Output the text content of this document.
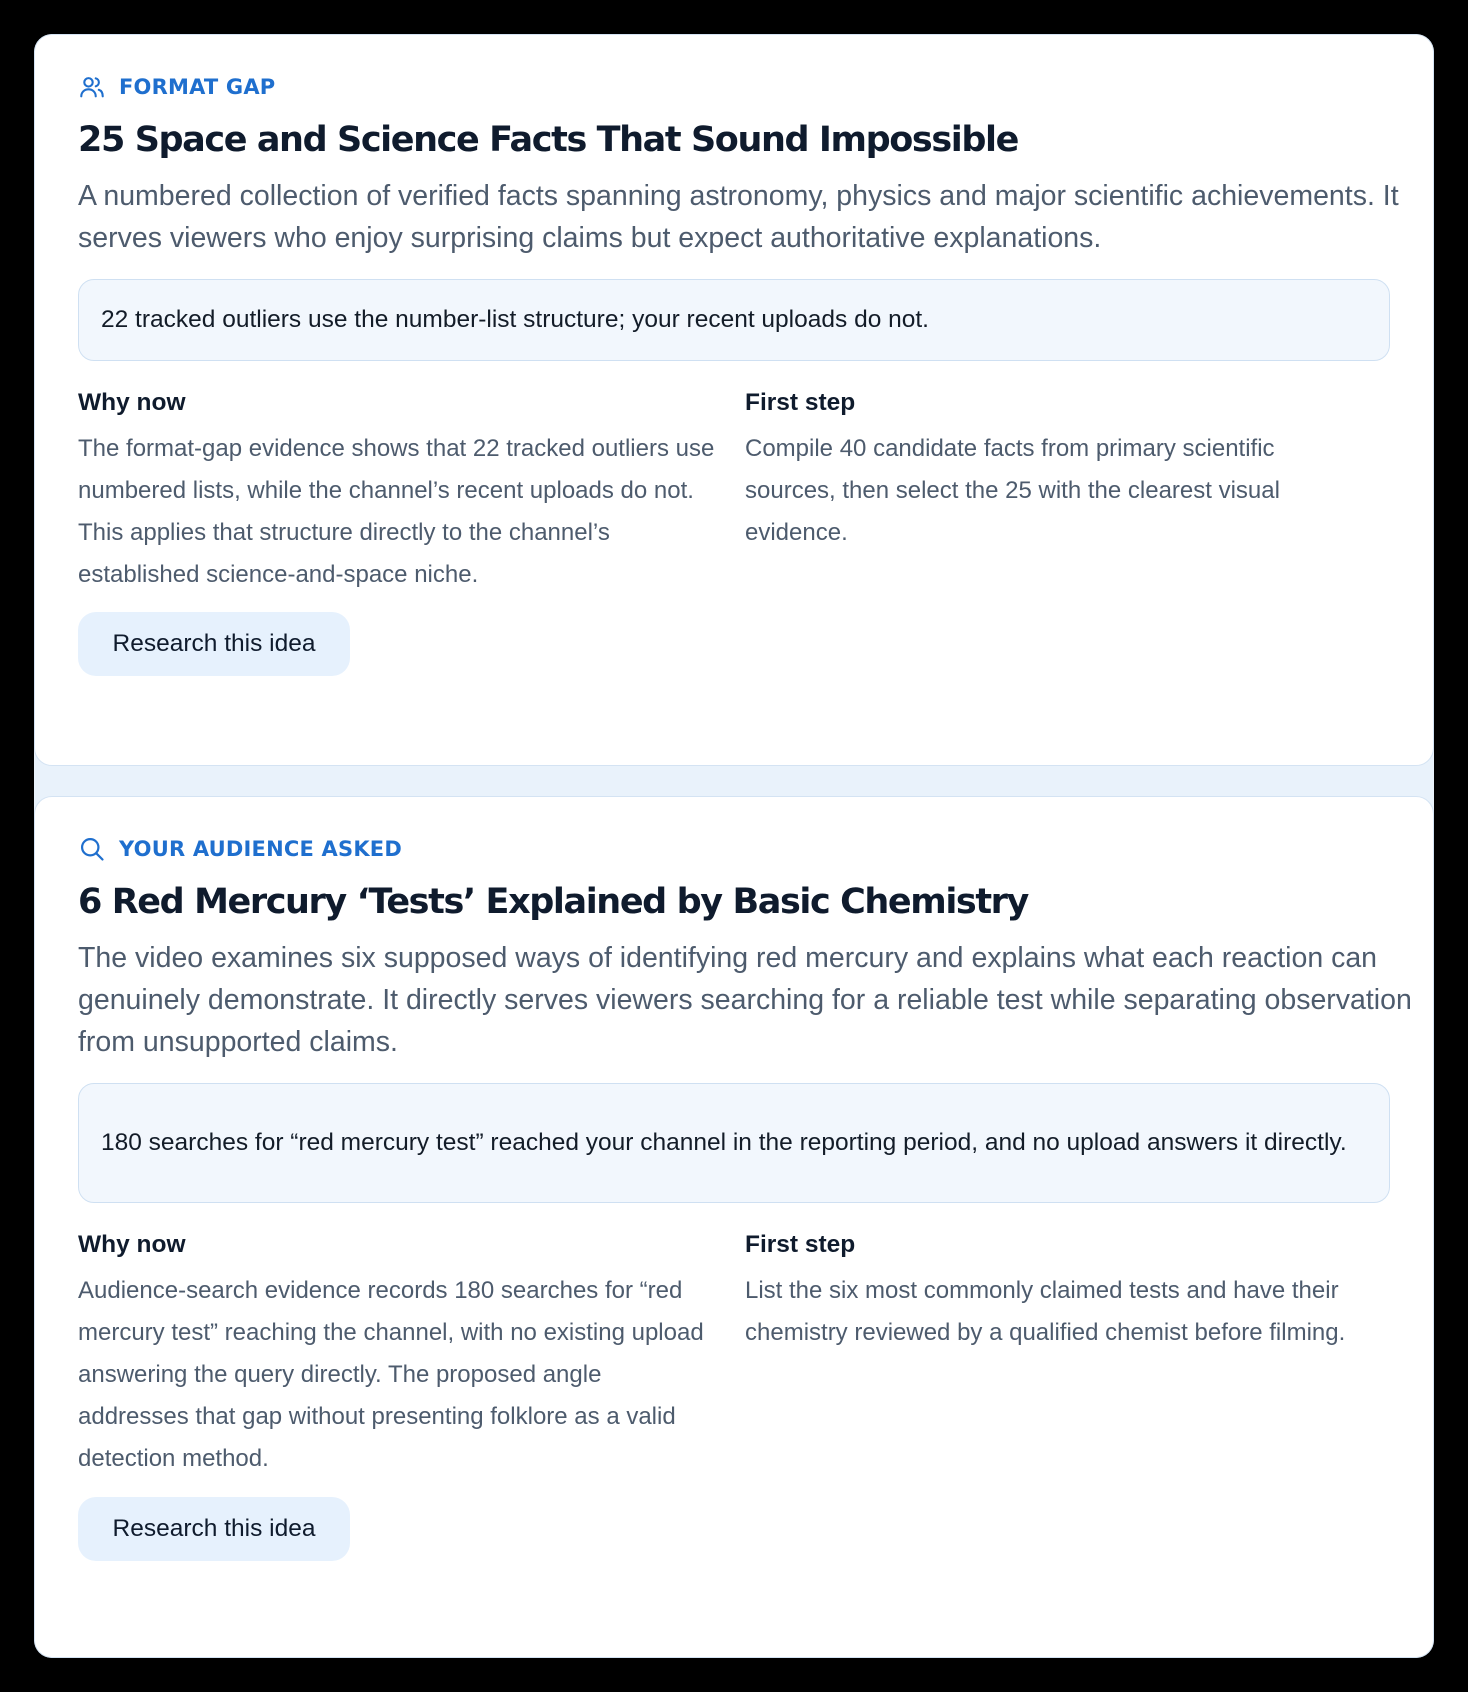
FORMAT GAP
25 Space and Science Facts That Sound Impossible

A numbered collection of verified facts spanning astronomy, physics and major scientific achievements. It serves viewers who enjoy surprising claims but expect authoritative explanations.

22 tracked outliers use the number-list structure; your recent uploads do not.
Why now

The format-gap evidence shows that 22 tracked outliers use numbered lists, while the channel’s recent uploads do not. This applies that structure directly to the channel’s established science-and-space niche.

First step

Compile 40 candidate facts from primary scientific sources, then select the 25 with the clearest visual evidence.

Research this idea
YOUR AUDIENCE ASKED
6 Red Mercury ‘Tests’ Explained by Basic Chemistry

The video examines six supposed ways of identifying red mercury and explains what each reaction can genuinely demonstrate. It directly serves viewers searching for a reliable test while separating observation from unsupported claims.

180 searches for “red mercury test” reached your channel in the reporting period, and no upload answers it directly.
Why now

Audience-search evidence records 180 searches for “red mercury test” reaching the channel, with no existing upload answering the query directly. The proposed angle addresses that gap without presenting folklore as a valid detection method.

First step

List the six most commonly claimed tests and have their chemistry reviewed by a qualified chemist before filming.

Research this idea
